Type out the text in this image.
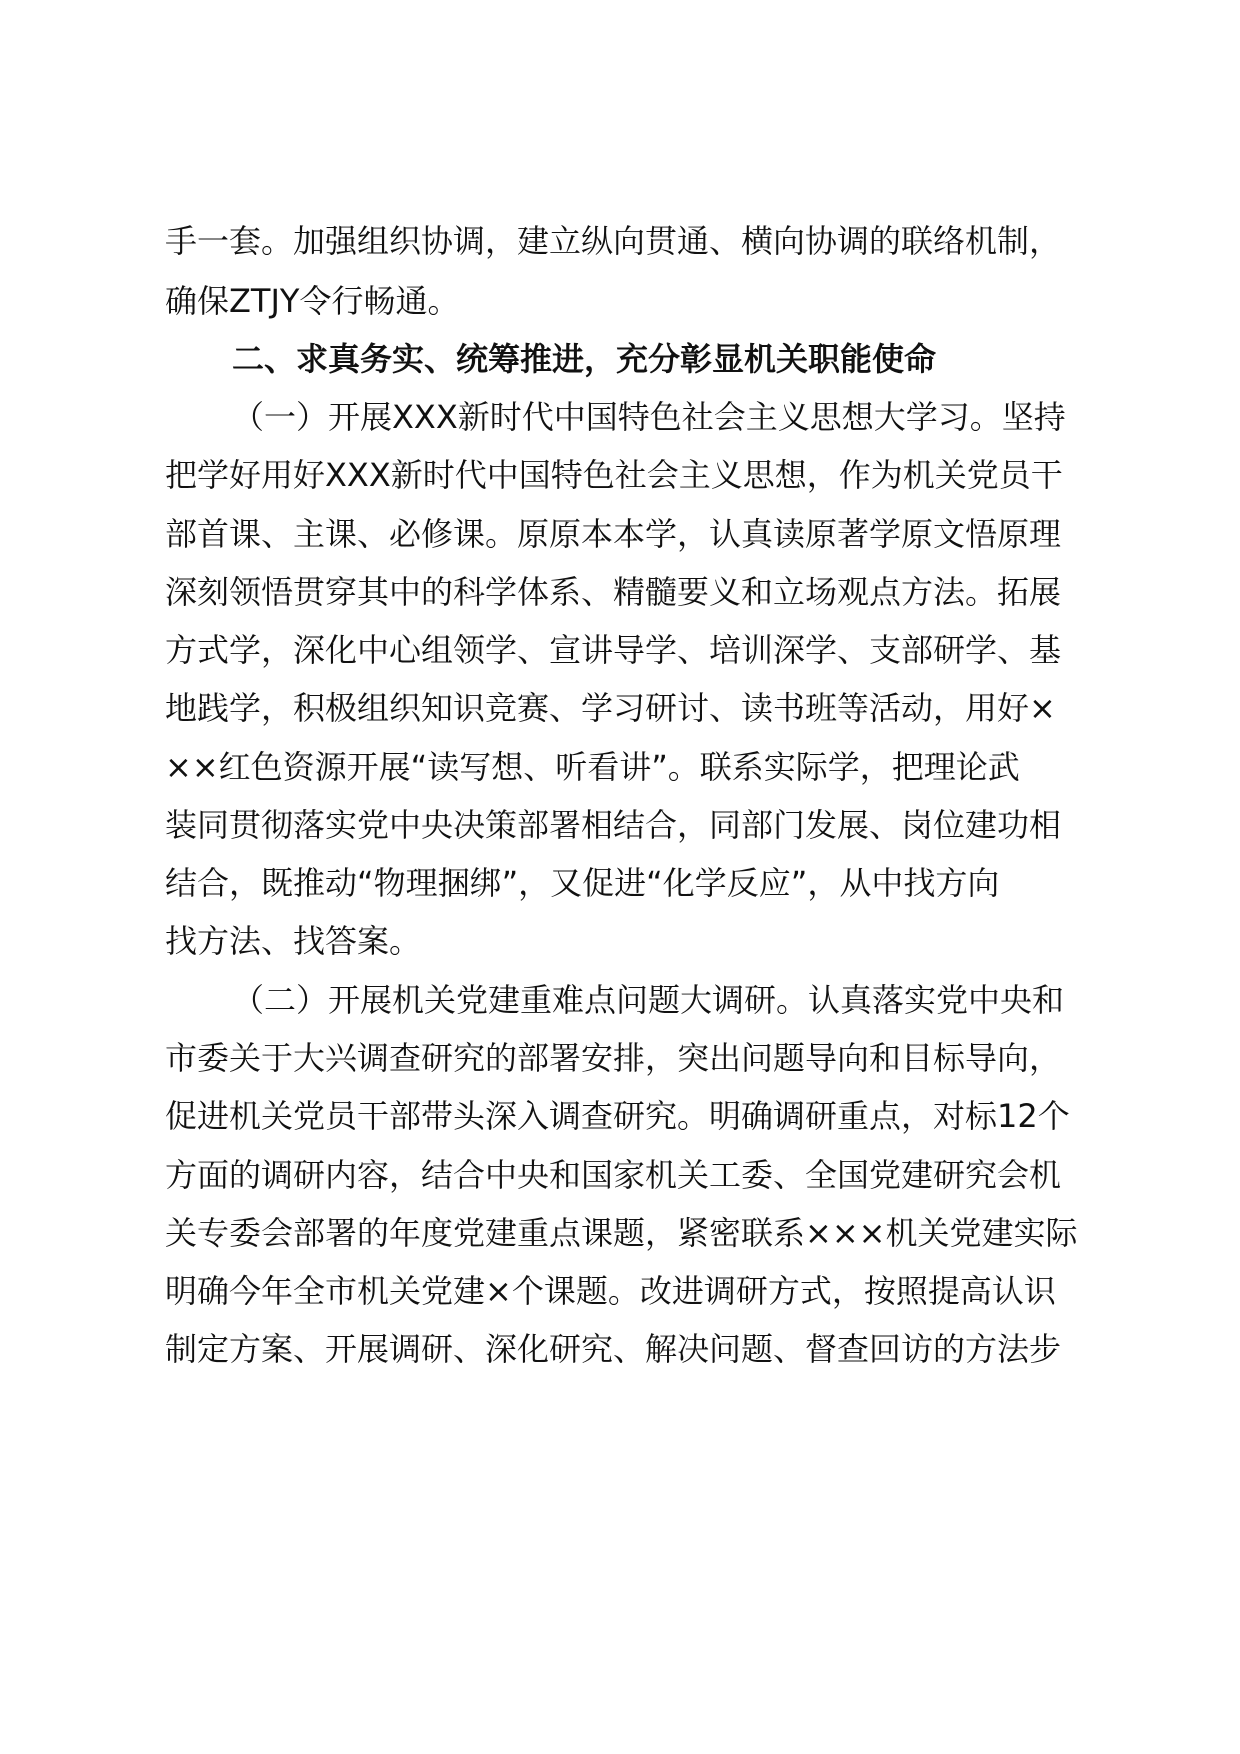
手一套。加强组织协调，建立纵向贯通、横向协调的联络机制，
确保ZTJY令行畅通。
二、求真务实、统筹推进，充分彰显机关职能使命
（一）开展XXX新时代中国特色社会主义思想大学习。坚持
把学好用好XXX新时代中国特色社会主义思想，作为机关党员干
部首课、主课、必修课。原原本本学，认真读原著学原文悟原理
深刻领悟贯穿其中的科学体系、精髓要义和立场观点方法。拓展
方式学，深化中心组领学、宣讲导学、培训深学、支部研学、基
地践学，积极组织知识竞赛、学习研讨、读书班等活动，用好×
××红色资源开展“读写想、听看讲”。联系实际学，把理论武
装同贯彻落实党中央决策部署相结合，同部门发展、岗位建功相
结合，既推动“物理捆绑”，又促进“化学反应”，从中找方向
找方法、找答案。
（二）开展机关党建重难点问题大调研。认真落实党中央和
市委关于大兴调查研究的部署安排，突出问题导向和目标导向，
促进机关党员干部带头深入调查研究。明确调研重点，对标12个
方面的调研内容，结合中央和国家机关工委、全国党建研究会机
关专委会部署的年度党建重点课题，紧密联系×××机关党建实际
明确今年全市机关党建×个课题。改进调研方式，按照提高认识
制定方案、开展调研、深化研究、解决问题、督查回访的方法步
